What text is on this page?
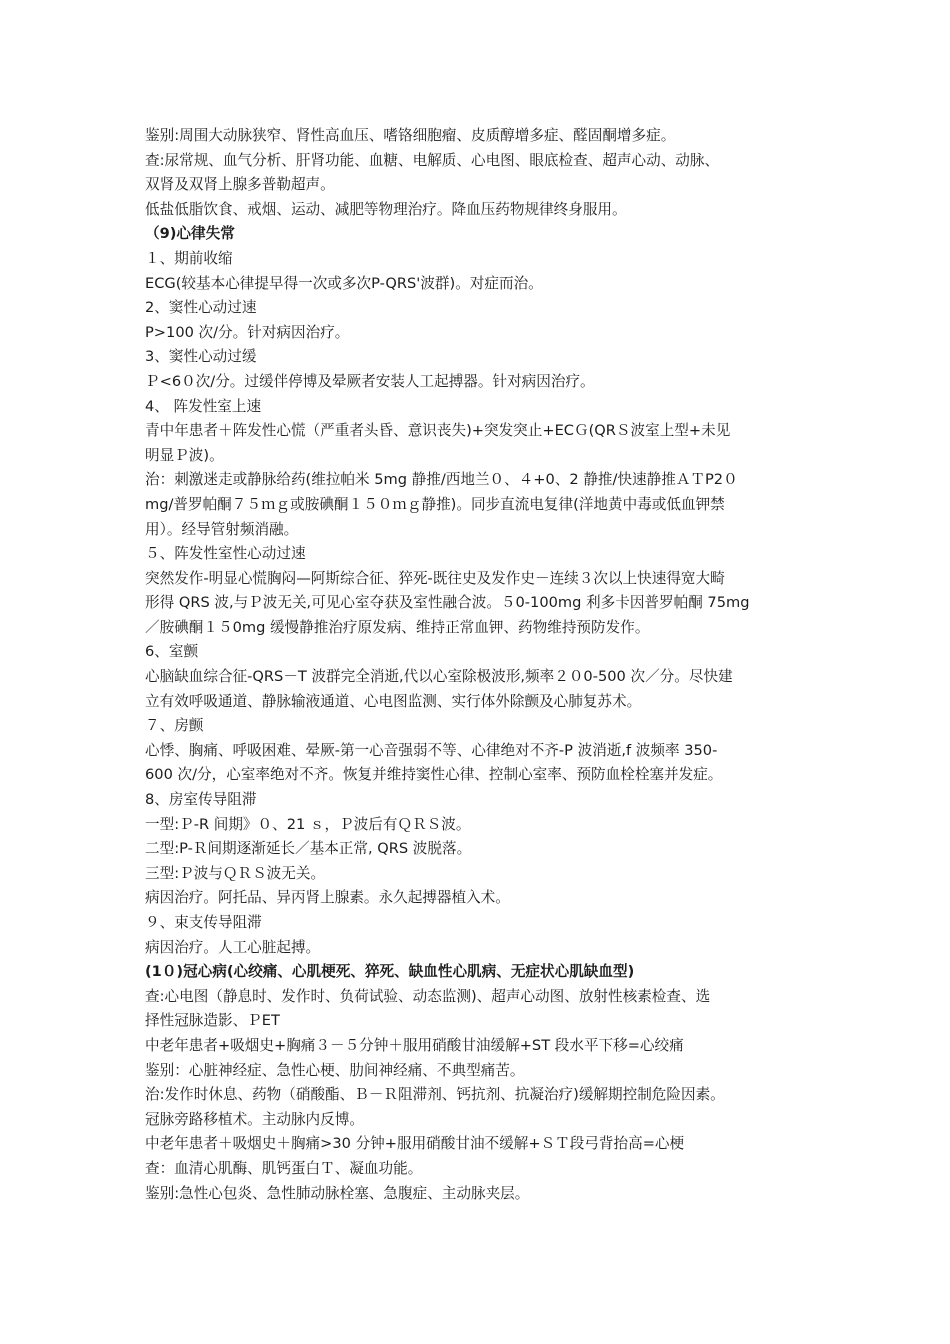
鉴别:周围大动脉狭窄、肾性高血压、嗜铬细胞瘤、皮质醇增多症、醛固酮增多症。
查:尿常规、血气分析、肝肾功能、血糖、电解质、心电图、眼底检查、超声心动、动脉、
双肾及双肾上腺多普勒超声。
低盐低脂饮食、戒烟、运动、减肥等物理治疗。降血压药物规律终身服用。
（9)心律失常
１、期前收缩
ECG(较基本心律提早得一次或多次P-QRS'波群)。对症而治。
2、窦性心动过速
P>100 次/分。针对病因治疗。
3、窦性心动过缓
Ｐ<6０次/分。过缓伴停博及晕厥者安装人工起搏器。针对病因治疗。
4、 阵发性室上速
青中年患者＋阵发性心慌（严重者头昏、意识丧失)+突发突止+ECＧ(QRＳ波室上型+未见
明显Ｐ波)。
治：刺激迷走或静脉给药(维拉帕米 5mg 静推/西地兰０、４+0、2 静推/快速静推ＡＴP2０
mg/普罗帕酮７５ｍｇ或胺碘酮１５０ｍｇ静推)。同步直流电复律(洋地黄中毒或低血钾禁
用）。经导管射频消融。
５、阵发性室性心动过速
突然发作-明显心慌胸闷—阿斯综合征、猝死-既往史及发作史－连续３次以上快速得宽大畸
形得 QRS 波,与Ｐ波无关,可见心室夺获及室性融合波。５0-100mg 利多卡因普罗帕酮 75mg
／胺碘酮１５0mg 缓慢静推治疗原发病、维持正常血钾、药物维持预防发作。
6、室颤
心脑缺血综合征-QRS－T 波群完全消逝,代以心室除极波形,频率２０0-500 次／分。尽快建
立有效呼吸通道、静脉输液通道、心电图监测、实行体外除颤及心肺复苏术。
７、房颤
心悸、胸痛、呼吸困难、晕厥-第一心音强弱不等、心律绝对不齐-P 波消逝,f 波频率 350-
600 次/分，心室率绝对不齐。恢复并维持窦性心律、控制心室率、预防血栓栓塞并发症。
8、房室传导阻滞
一型:Ｐ-R 间期》０、21 ｓ，Ｐ波后有ＱＲＳ波。
二型:P-Ｒ间期逐渐延长／基本正常, QRS 波脱落。
三型:Ｐ波与ＱＲＳ波无关。
病因治疗。阿托品、异丙肾上腺素。永久起搏器植入术。
９、束支传导阻滞
病因治疗。人工心脏起搏。
(1０)冠心病(心绞痛、心肌梗死、猝死、缺血性心肌病、无症状心肌缺血型)
查:心电图（静息时、发作时、负荷试验、动态监测)、超声心动图、放射性核素检查、选
择性冠脉造影、ＰET
中老年患者+吸烟史+胸痛３－５分钟＋服用硝酸甘油缓解+ST 段水平下移=心绞痛
鉴别：心脏神经症、急性心梗、肋间神经痛、不典型痛苦。
治:发作时休息、药物（硝酸酯、Ｂ－Ｒ阻滞剂、钙抗剂、抗凝治疗)缓解期控制危险因素。
冠脉旁路移植术。主动脉内反博。
中老年患者＋吸烟史＋胸痛>30 分钟+服用硝酸甘油不缓解+ＳＴ段弓背抬高=心梗
查：血清心肌酶、肌钙蛋白Ｔ、凝血功能。
鉴别:急性心包炎、急性肺动脉栓塞、急腹症、主动脉夹层。
